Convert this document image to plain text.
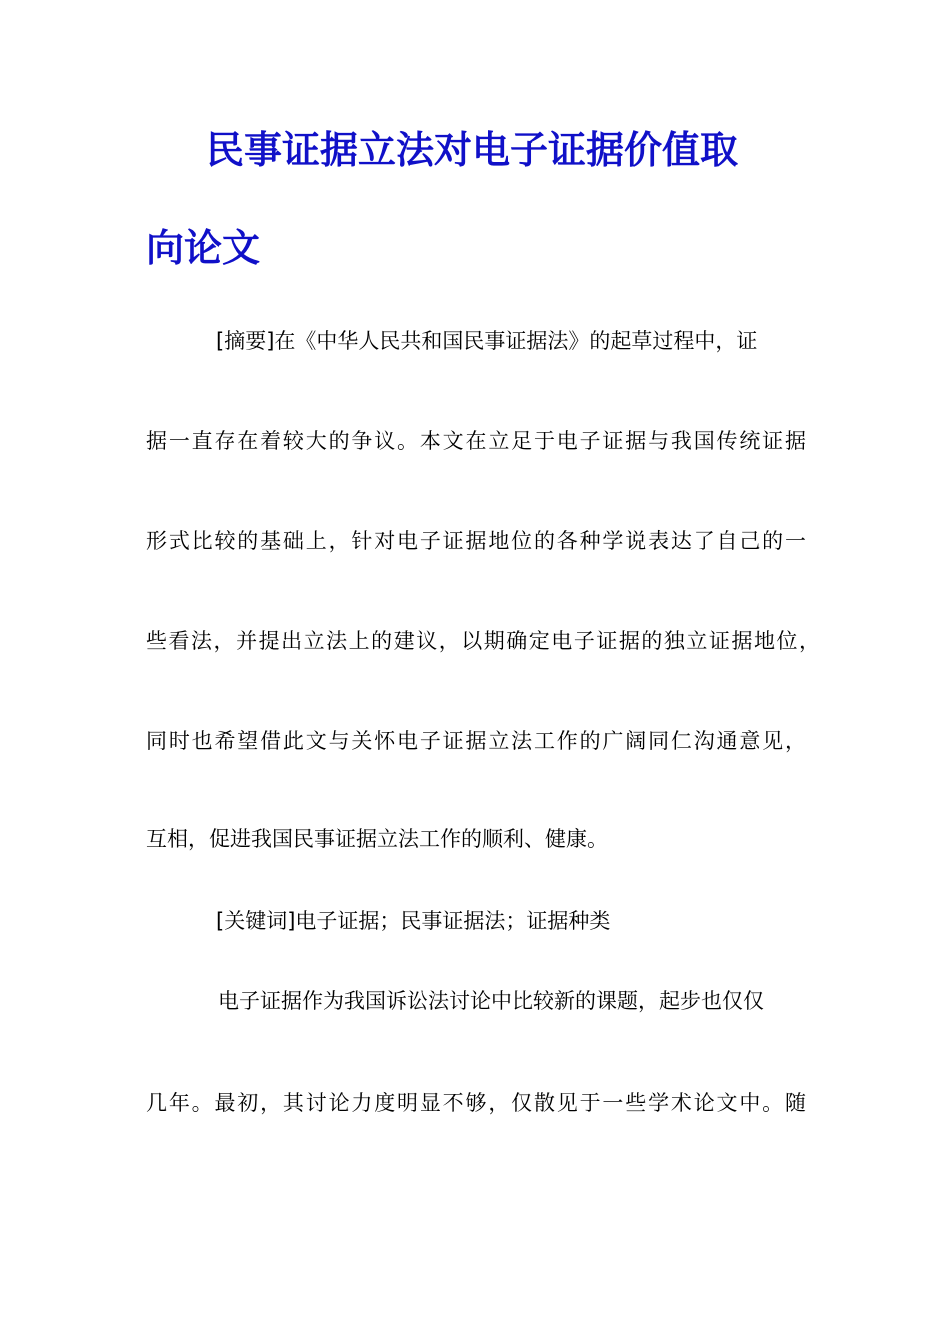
民事证据立法对电子证据价值取
向论文

[摘要]在《中华人民共和国民事证据法》的起草过程中，证

据一直存在着较大的争议。本文在立足于电子证据与我国传统证据

形式比较的基础上，针对电子证据地位的各种学说表达了自己的一

些看法，并提出立法上的建议，以期确定电子证据的独立证据地位，

同时也希望借此文与关怀电子证据立法工作的广阔同仁沟通意见，

互相，促进我国民事证据立法工作的顺利、健康。

[关键词]电子证据；民事证据法；证据种类

电子证据作为我国诉讼法讨论中比较新的课题，起步也仅仅

几年。最初，其讨论力度明显不够，仅散见于一些学术论文中。随
